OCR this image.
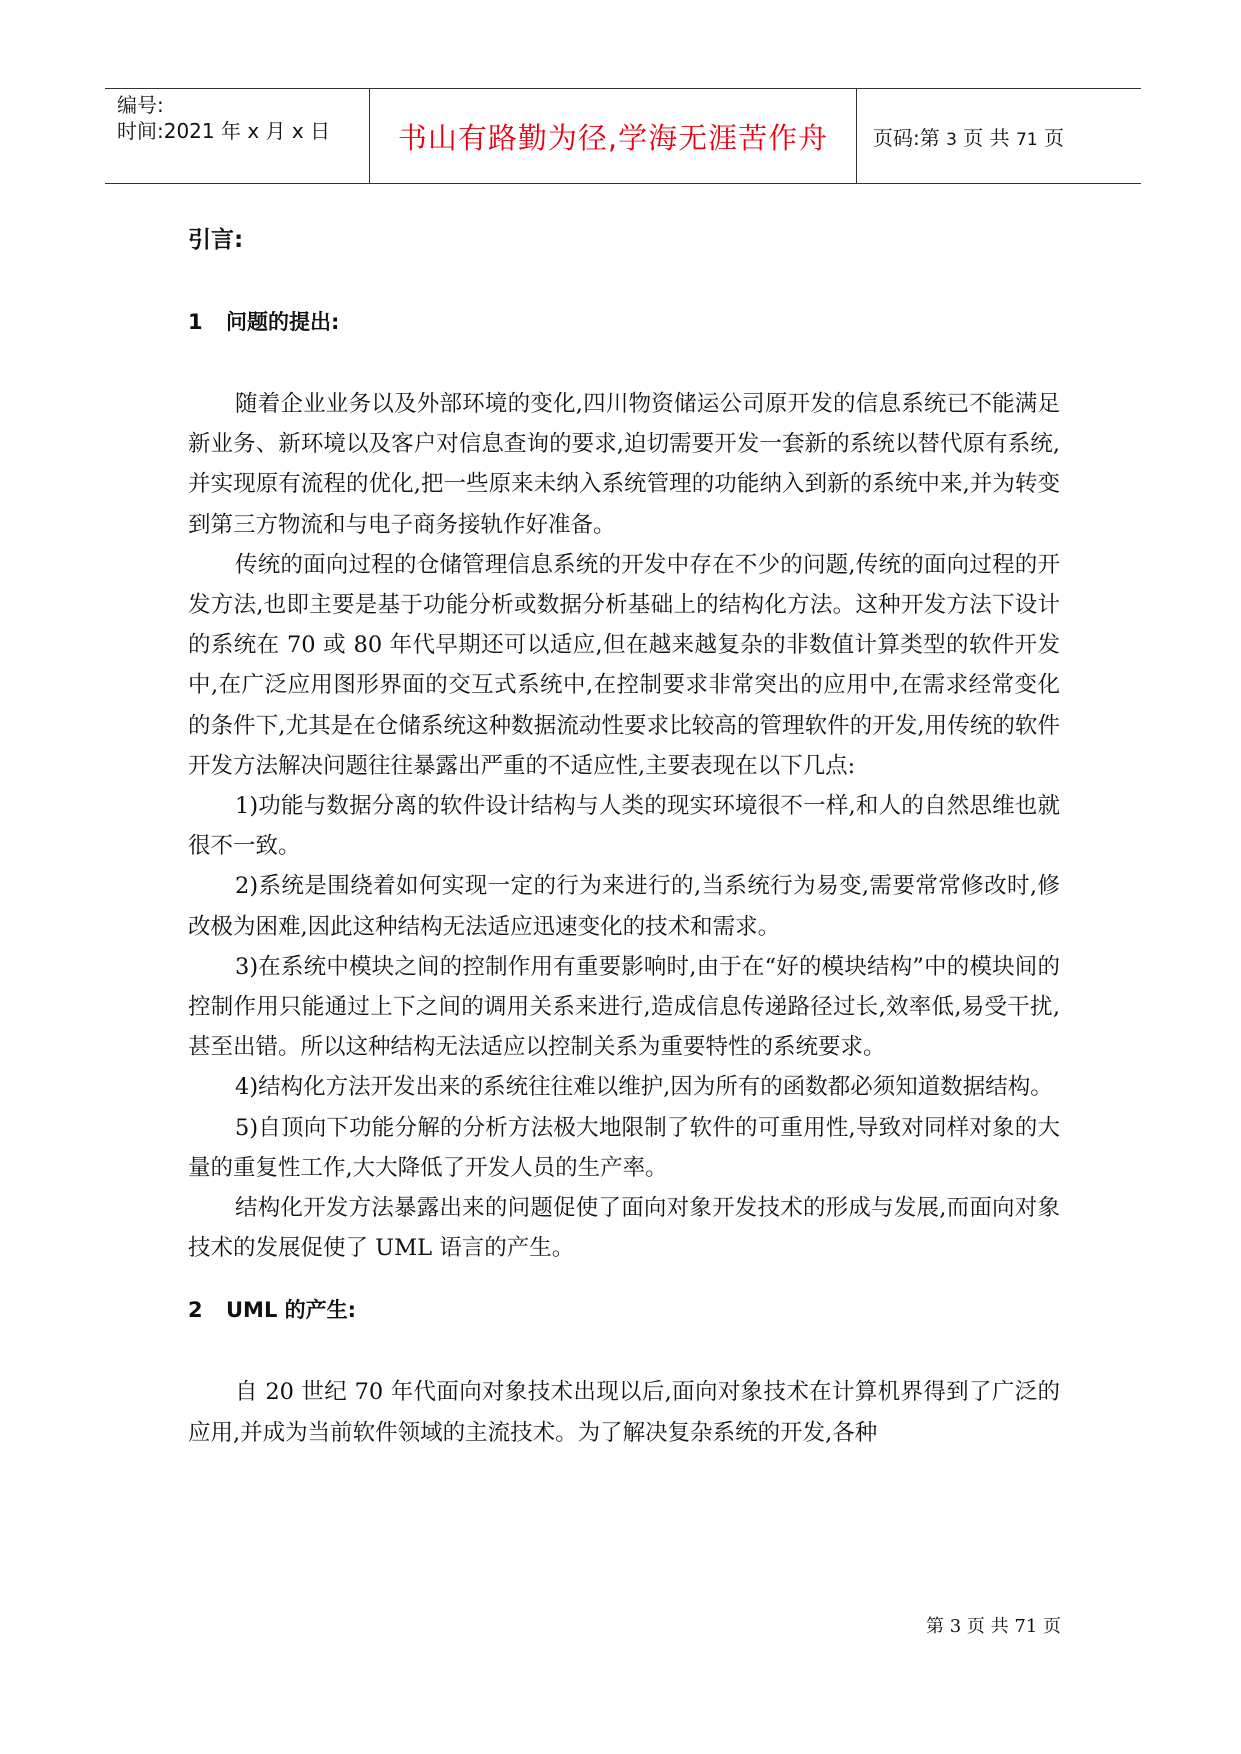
编号:
时间:2021 年 x 月 x 日 书山有路勤为径,学海无涯苦作舟 页码:第 3 页 共 71 页
引言:
1 问题的提出:

随着企业业务以及外部环境的变化,四川物资储运公司原开发的信息系统已不能满足新业务、新环境以及客户对信息查询的要求,迫切需要开发一套新的系统以替代原有系统,并实现原有流程的优化,把一些原来未纳入系统管理的功能纳入到新的系统中来,并为转变到第三方物流和与电子商务接轨作好准备。

传统的面向过程的仓储管理信息系统的开发中存在不少的问题,传统的面向过程的开发方法,也即主要是基于功能分析或数据分析基础上的结构化方法。这种开发方法下设计的系统在 70 或 80 年代早期还可以适应,但在越来越复杂的非数值计算类型的软件开发中,在广泛应用图形界面的交互式系统中,在控制要求非常突出的应用中,在需求经常变化的条件下,尤其是在仓储系统这种数据流动性要求比较高的管理软件的开发,用传统的软件开发方法解决问题往往暴露出严重的不适应性,主要表现在以下几点:

1)功能与数据分离的软件设计结构与人类的现实环境很不一样,和人的自然思维也就很不一致。

2)系统是围绕着如何实现一定的行为来进行的,当系统行为易变,需要常常修改时,修改极为困难,因此这种结构无法适应迅速变化的技术和需求。

3)在系统中模块之间的控制作用有重要影响时,由于在“好的模块结构”中的模块间的控制作用只能通过上下之间的调用关系来进行,造成信息传递路径过长,效率低,易受干扰,甚至出错。所以这种结构无法适应以控制关系为重要特性的系统要求。

4)结构化方法开发出来的系统往往难以维护,因为所有的函数都必须知道数据结构。

5)自顶向下功能分解的分析方法极大地限制了软件的可重用性,导致对同样对象的大量的重复性工作,大大降低了开发人员的生产率。

结构化开发方法暴露出来的问题促使了面向对象开发技术的形成与发展,而面向对象技术的发展促使了 UML 语言的产生。

2 UML 的产生:

自 20 世纪 70 年代面向对象技术出现以后,面向对象技术在计算机界得到了广泛的应用,并成为当前软件领域的主流技术。为了解决复杂系统的开发,各种

第 3 页 共 71 页
